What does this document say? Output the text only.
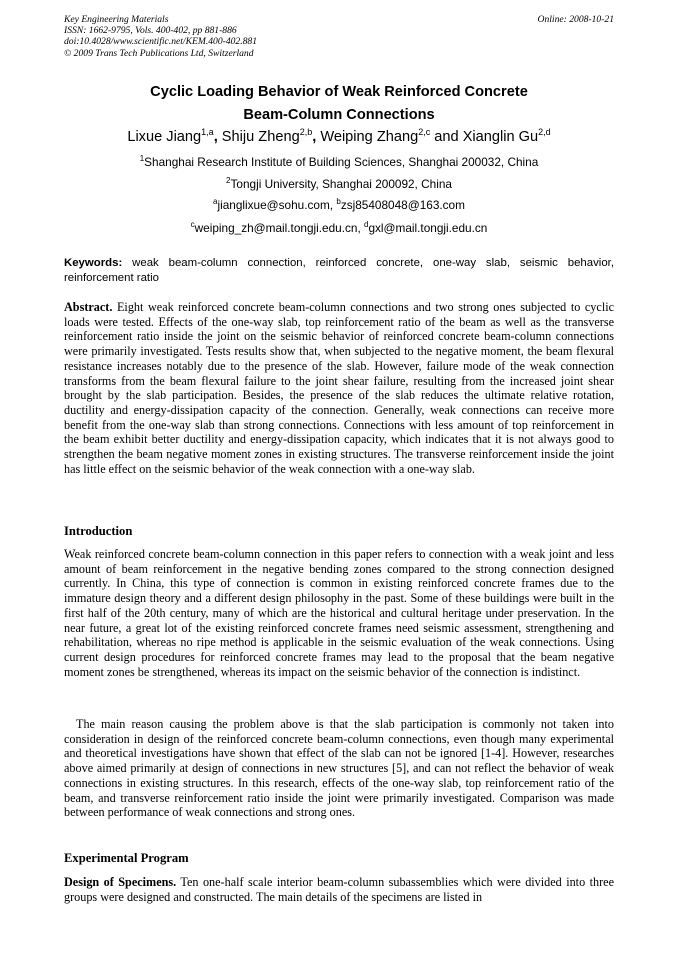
Key Engineering Materials
ISSN: 1662-9795, Vols. 400-402, pp 881-886
doi:10.4028/www.scientific.net/KEM.400-402.881
© 2009 Trans Tech Publications Ltd, Switzerland
Online: 2008-10-21
Cyclic Loading Behavior of Weak Reinforced Concrete
Beam-Column Connections
Lixue Jiang$^{1,a}$, Shiju Zheng$^{2,b}$, Weiping Zhang$^{2,c}$ and Xianglin Gu$^{2,d}$
$^1$Shanghai Research Institute of Building Sciences, Shanghai 200032, China
$^2$Tongji University, Shanghai 200092, China
$^a$jianglixue@sohu.com, $^b$zsj85408048@163.com
$^c$weiping_zh@mail.tongji.edu.cn, $^d$gxl@mail.tongji.edu.cn
Keywords: weak beam-column connection, reinforced concrete, one-way slab, seismic behavior, reinforcement ratio
Abstract. Eight weak reinforced concrete beam-column connections and two strong ones subjected to cyclic loads were tested. Effects of the one-way slab, top reinforcement ratio of the beam as well as the transverse reinforcement ratio inside the joint on the seismic behavior of reinforced concrete beam-column connections were primarily investigated. Tests results show that, when subjected to the negative moment, the beam flexural resistance increases notably due to the presence of the slab. However, failure mode of the weak connection transforms from the beam flexural failure to the joint shear failure, resulting from the increased joint shear brought by the slab participation. Besides, the presence of the slab reduces the ultimate relative rotation, ductility and energy-dissipation capacity of the connection. Generally, weak connections can receive more benefit from the one-way slab than strong connections. Connections with less amount of top reinforcement in the beam exhibit better ductility and energy-dissipation capacity, which indicates that it is not always good to strengthen the beam negative moment zones in existing structures. The transverse reinforcement inside the joint has little effect on the seismic behavior of the weak connection with a one-way slab.
Introduction
Weak reinforced concrete beam-column connection in this paper refers to connection with a weak joint and less amount of beam reinforcement in the negative bending zones compared to the strong connection designed currently. In China, this type of connection is common in existing reinforced concrete frames due to the immature design theory and a different design philosophy in the past. Some of these buildings were built in the first half of the 20th century, many of which are the historical and cultural heritage under preservation. In the near future, a great lot of the existing reinforced concrete frames need seismic assessment, strengthening and rehabilitation, whereas no ripe method is applicable in the seismic evaluation of the weak connections. Using current design procedures for reinforced concrete frames may lead to the proposal that the beam negative moment zones be strengthened, whereas its impact on the seismic behavior of the connection is indistinct.
The main reason causing the problem above is that the slab participation is commonly not taken into consideration in design of the reinforced concrete beam-column connections, even though many experimental and theoretical investigations have shown that effect of the slab can not be ignored [1-4]. However, researches above aimed primarily at design of connections in new structures [5], and can not reflect the behavior of weak connections in existing structures. In this research, effects of the one-way slab, top reinforcement ratio of the beam, and transverse reinforcement ratio inside the joint were primarily investigated. Comparison was made between performance of weak connections and strong ones.
Experimental Program
Design of Specimens. Ten one-half scale interior beam-column subassemblies which were divided into three groups were designed and constructed. The main details of the specimens are listed in
